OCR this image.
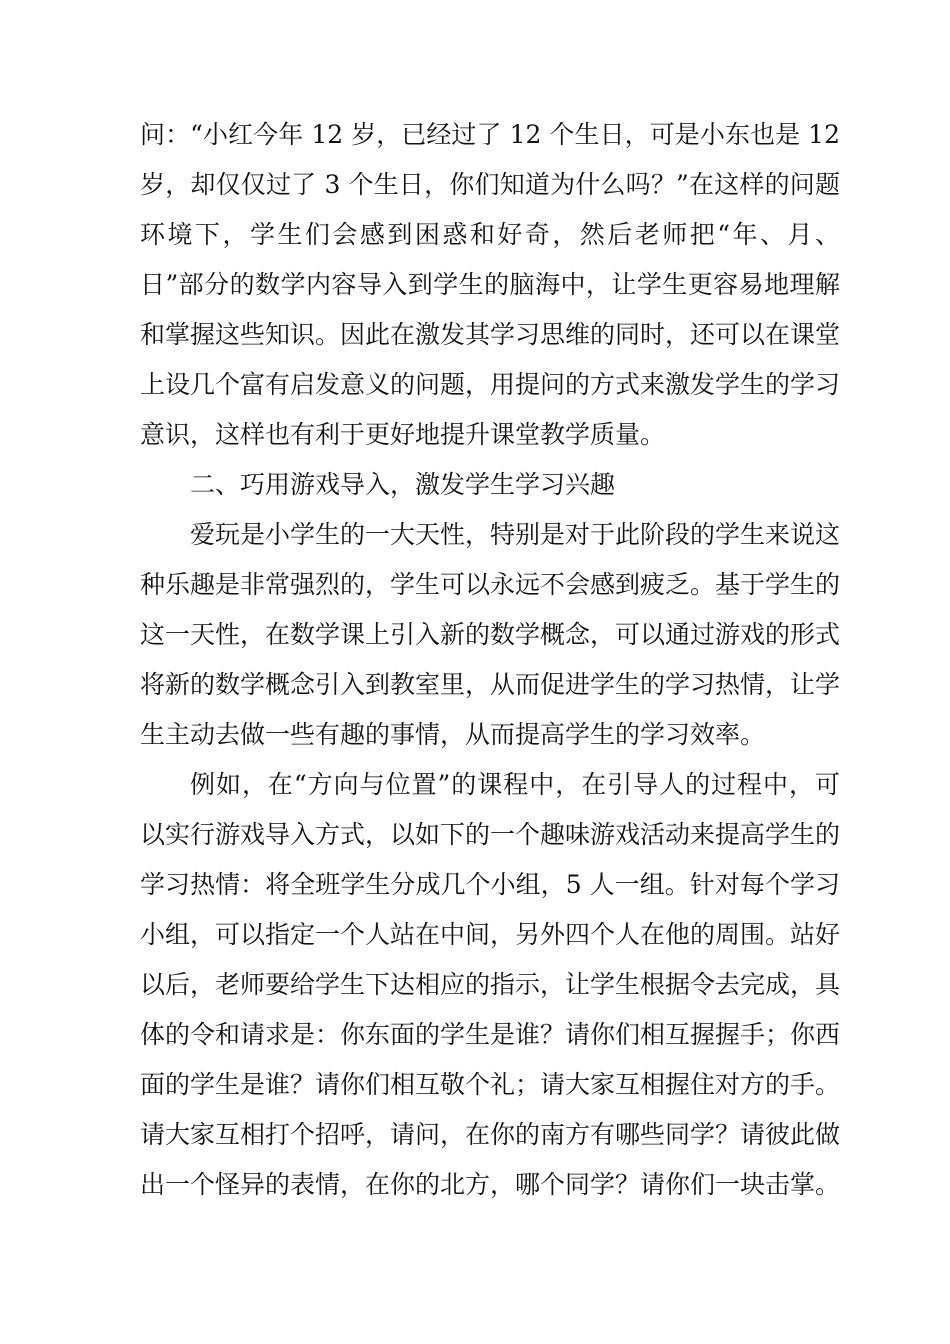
问：“小红今年 12 岁，已经过了 12 个生日，可是小东也是 12
岁，却仅仅过了 3 个生日，你们知道为什么吗？”在这样的问题
环境下，学生们会感到困惑和好奇，然后老师把“年、月、
日”部分的数学内容导入到学生的脑海中，让学生更容易地理解
和掌握这些知识。因此在激发其学习思维的同时，还可以在课堂
上设几个富有启发意义的问题，用提问的方式来激发学生的学习
意识，这样也有利于更好地提升课堂教学质量。
二、巧用游戏导入，激发学生学习兴趣
爱玩是小学生的一大天性，特别是对于此阶段的学生来说这
种乐趣是非常强烈的，学生可以永远不会感到疲乏。基于学生的
这一天性，在数学课上引入新的数学概念，可以通过游戏的形式
将新的数学概念引入到教室里，从而促进学生的学习热情，让学
生主动去做一些有趣的事情，从而提高学生的学习效率。
例如，在“方向与位置”的课程中，在引导人的过程中，可
以实行游戏导入方式，以如下的一个趣味游戏活动来提高学生的
学习热情：将全班学生分成几个小组，5 人一组。针对每个学习
小组，可以指定一个人站在中间，另外四个人在他的周围。站好
以后，老师要给学生下达相应的指示，让学生根据令去完成，具
体的令和请求是：你东面的学生是谁？请你们相互握握手；你西
面的学生是谁？请你们相互敬个礼；请大家互相握住对方的手。
请大家互相打个招呼，请问，在你的南方有哪些同学？请彼此做
出一个怪异的表情，在你的北方，哪个同学？请你们一块击掌。
